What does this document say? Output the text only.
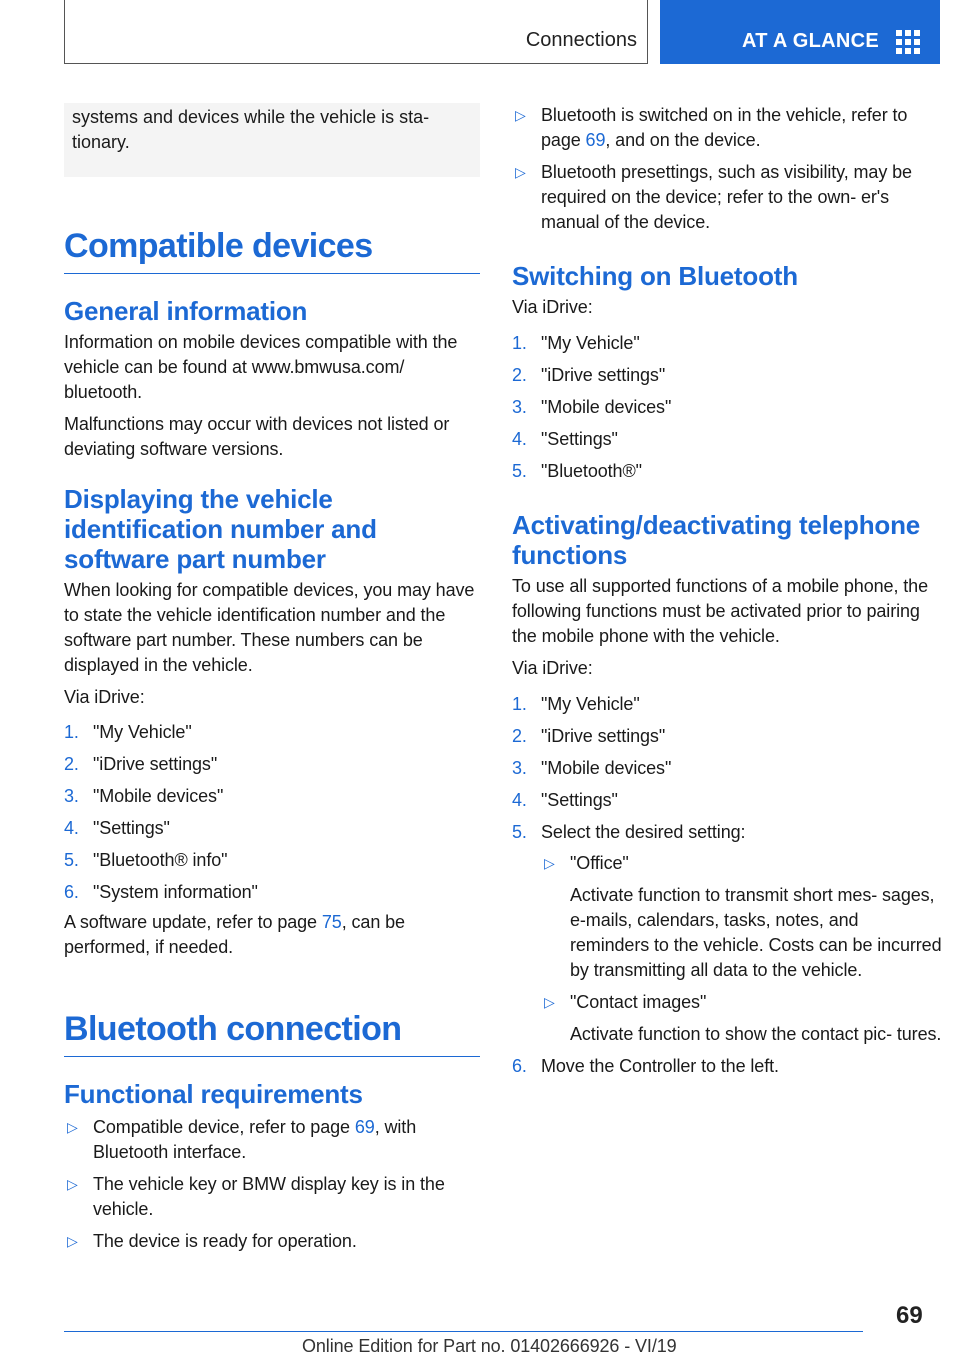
Connections	AT A GLANCE
systems and devices while the vehicle is sta-
tionary.
Compatible devices
General information

Information on mobile devices compatible with the vehicle can be found at www.bmwusa.com/ bluetooth.

Malfunctions may occur with devices not listed or deviating software versions.

Displaying the vehicle identification number and software part number

When looking for compatible devices, you may have to state the vehicle identification number and the software part number. These numbers can be displayed in the vehicle.

Via iDrive:

1. "My Vehicle"
2. "iDrive settings"
3. "Mobile devices"
4. "Settings"
5. "Bluetooth® info"
6. "System information"

A software update, refer to page 75, can be performed, if needed.

Bluetooth connection
Functional requirements
▷ Compatible device, refer to page 69, with Bluetooth interface.
▷ The vehicle key or BMW display key is in the vehicle.
▷ The device is ready for operation.
▷ Bluetooth is switched on in the vehicle, refer to page 69, and on the device.
▷ Bluetooth presettings, such as visibility, may be required on the device; refer to the own- er's manual of the device.
Switching on Bluetooth

Via iDrive:

1. "My Vehicle"
2. "iDrive settings"
3. "Mobile devices"
4. "Settings"
5. "Bluetooth®"
Activating/deactivating telephone functions

To use all supported functions of a mobile phone, the following functions must be activated prior to pairing the mobile phone with the vehicle.

Via iDrive:

1. "My Vehicle"
2. "iDrive settings"
3. "Mobile devices"
4. "Settings"
5. Select the desired setting:
▷ "Office"
Activate function to transmit short mes- sages, e-mails, calendars, tasks, notes, and reminders to the vehicle. Costs can be incurred by transmitting all data to the vehicle.
▷ "Contact images"
Activate function to show the contact pic- tures.
6. Move the Controller to the left.
69
Online Edition for Part no. 01402666926 - VI/19
